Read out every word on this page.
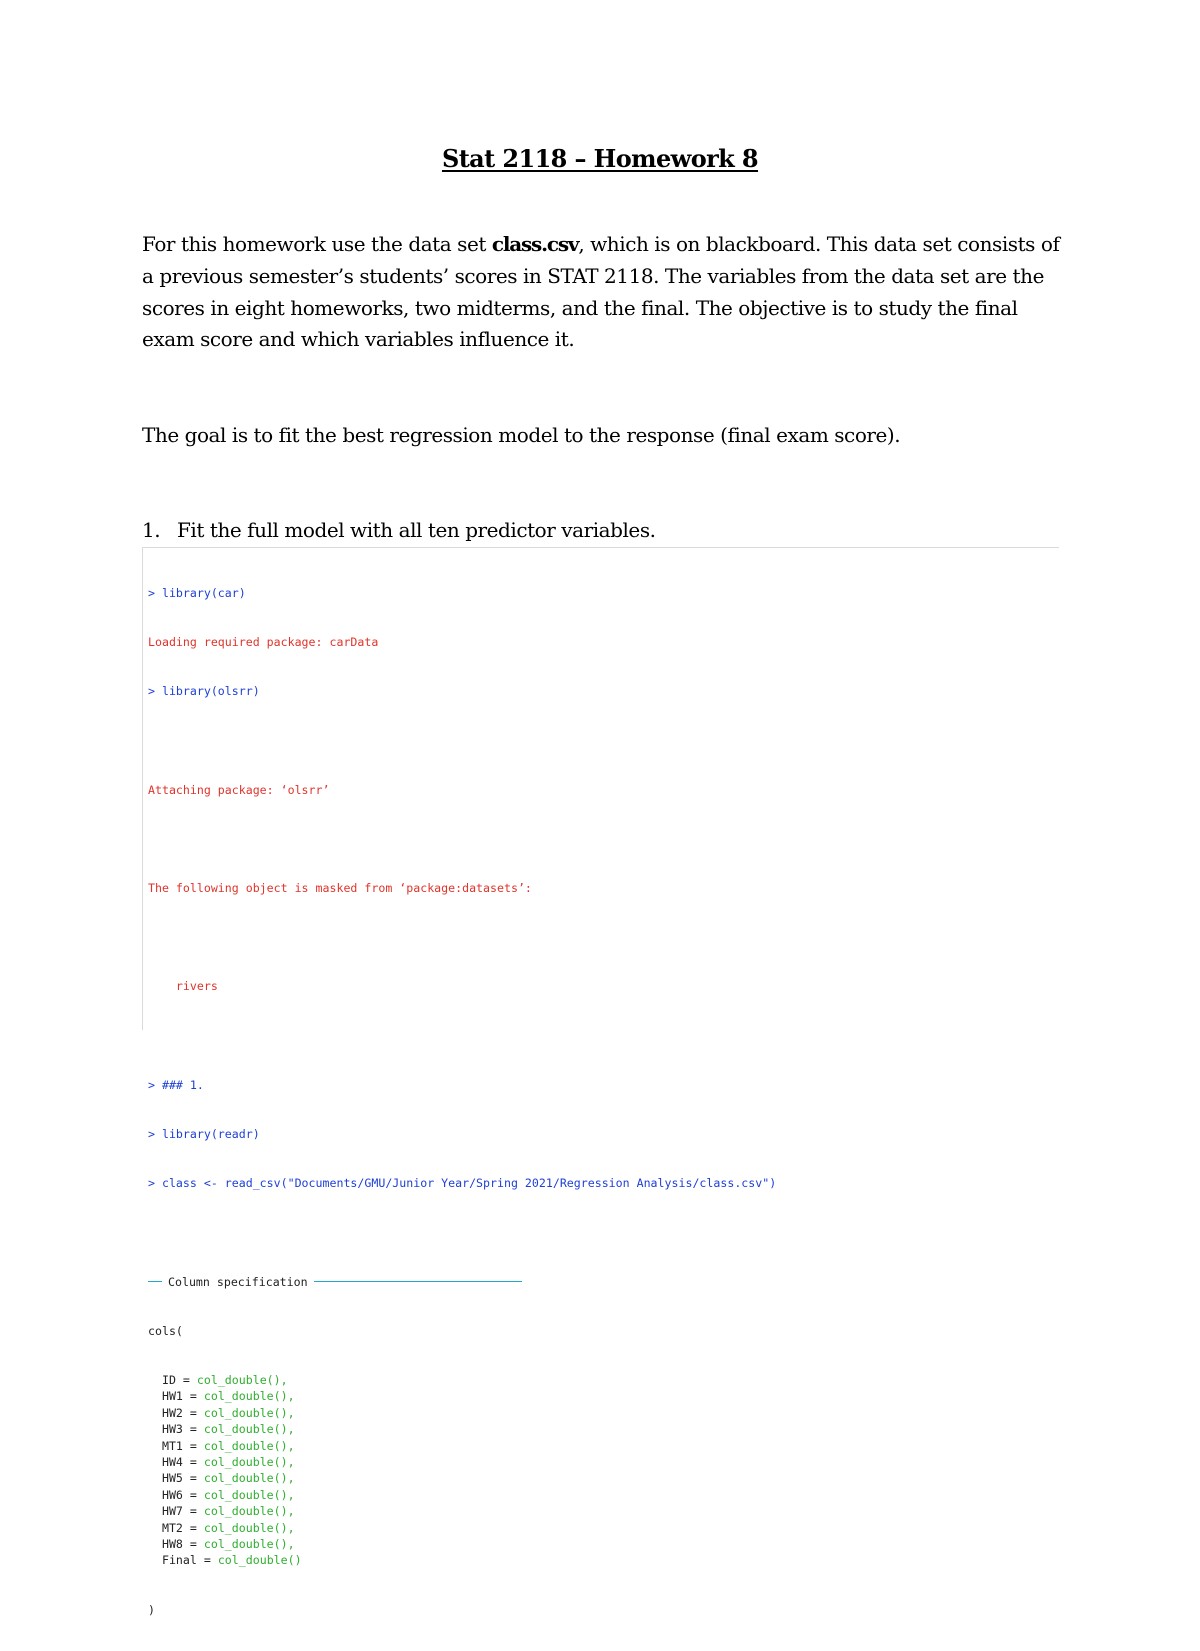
Stat 2118 – Homework 8

For this homework use the data set class.csv, which is on blackboard. This data set consists of a previous semester’s students’ scores in STAT 2118. The variables from the data set are the scores in eight homeworks, two midterms, and the final. The objective is to study the final exam score and which variables influence it.

The goal is to fit the best regression model to the response (final exam score).

1. Fit the full model with all ten predictor variables.

> library(car)

Loading required package: carData

> library(olsrr)

Attaching package: ‘olsrr’

The following object is masked from ‘package:datasets’:

rivers

> ### 1.

> library(readr)

> class <- read_csv("Documents/GMU/Junior Year/Spring 2021/Regression Analysis/class.csv")

Column specification

cols(

ID = col_double(),
HW1 = col_double(),
HW2 = col_double(),
HW3 = col_double(),
MT1 = col_double(),
HW4 = col_double(),
HW5 = col_double(),
HW6 = col_double(),
HW7 = col_double(),
MT2 = col_double(),
HW8 = col_double(),
Final = col_double()

)
